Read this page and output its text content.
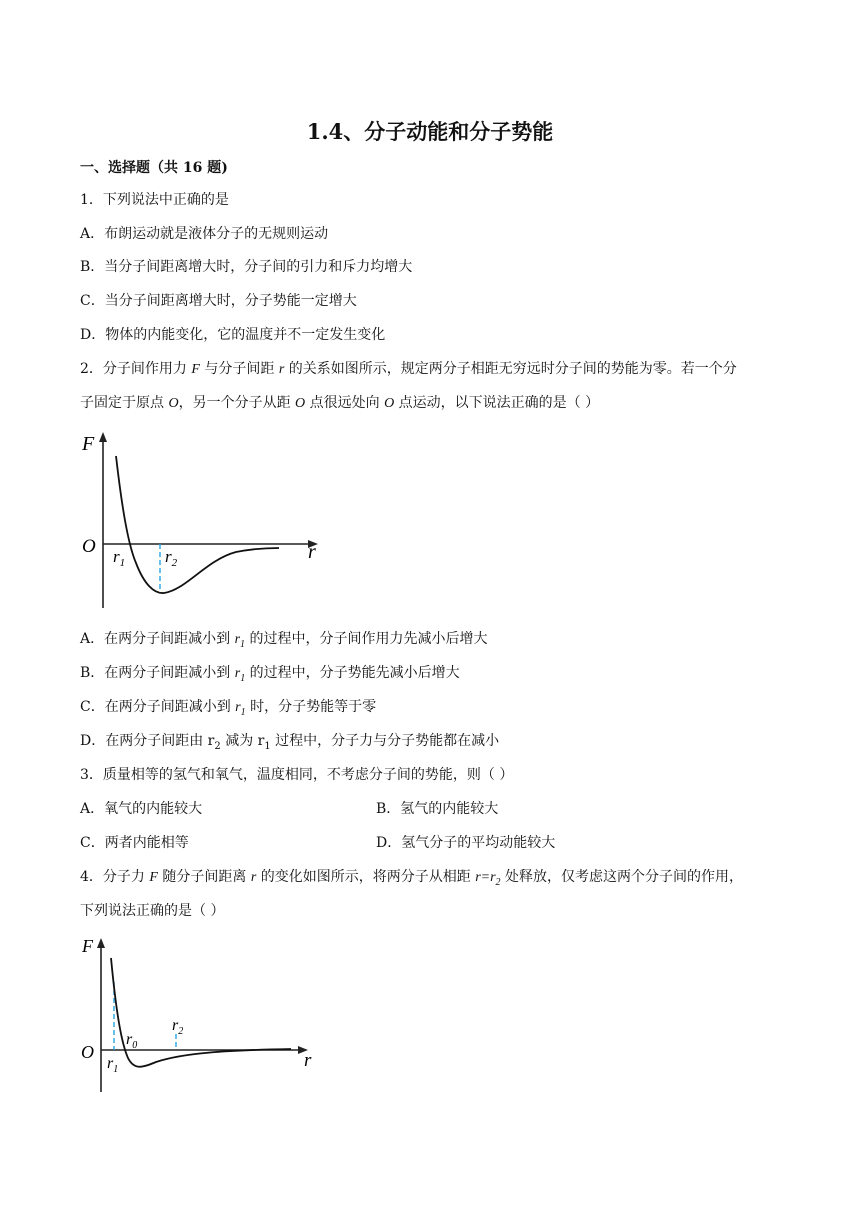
1.4、分子动能和分子势能
一、选择题（共 16 题)
1．下列说法中正确的是
A．布朗运动就是液体分子的无规则运动
B．当分子间距离增大时，分子间的引力和斥力均增大
C．当分子间距离增大时，分子势能一定增大
D．物体的内能变化，它的温度并不一定发生变化
2．分子间作用力 F 与分子间距 r 的关系如图所示，规定两分子相距无穷远时分子间的势能为零。若一个分
子固定于原点 O，另一个分子从距 O 点很远处向 O 点运动，以下说法正确的是（ ）
F
O	r
$r_1$ $r_2$
A．在两分子间距减小到 $r_1$ 的过程中，分子间作用力先减小后增大
B．在两分子间距减小到 $r_1$ 的过程中，分子势能先减小后增大
C．在两分子间距减小到 $r_1$ 时，分子势能等于零
D．在两分子间距由 $r_2$ 减为 $r_1$ 过程中，分子力与分子势能都在减小
3．质量相等的氢气和氧气，温度相同，不考虑分子间的势能，则（ ）
A．氧气的内能较大	B．氢气的内能较大
C．两者内能相等	D．氢气分子的平均动能较大
4．分子力 F 随分子间距离 r 的变化如图所示，将两分子从相距 $r=r_2$ 处释放，仅考虑这两个分子间的作用，
下列说法正确的是（ ）
F
O	r
$r_0$
$r_2$
$r_1$
